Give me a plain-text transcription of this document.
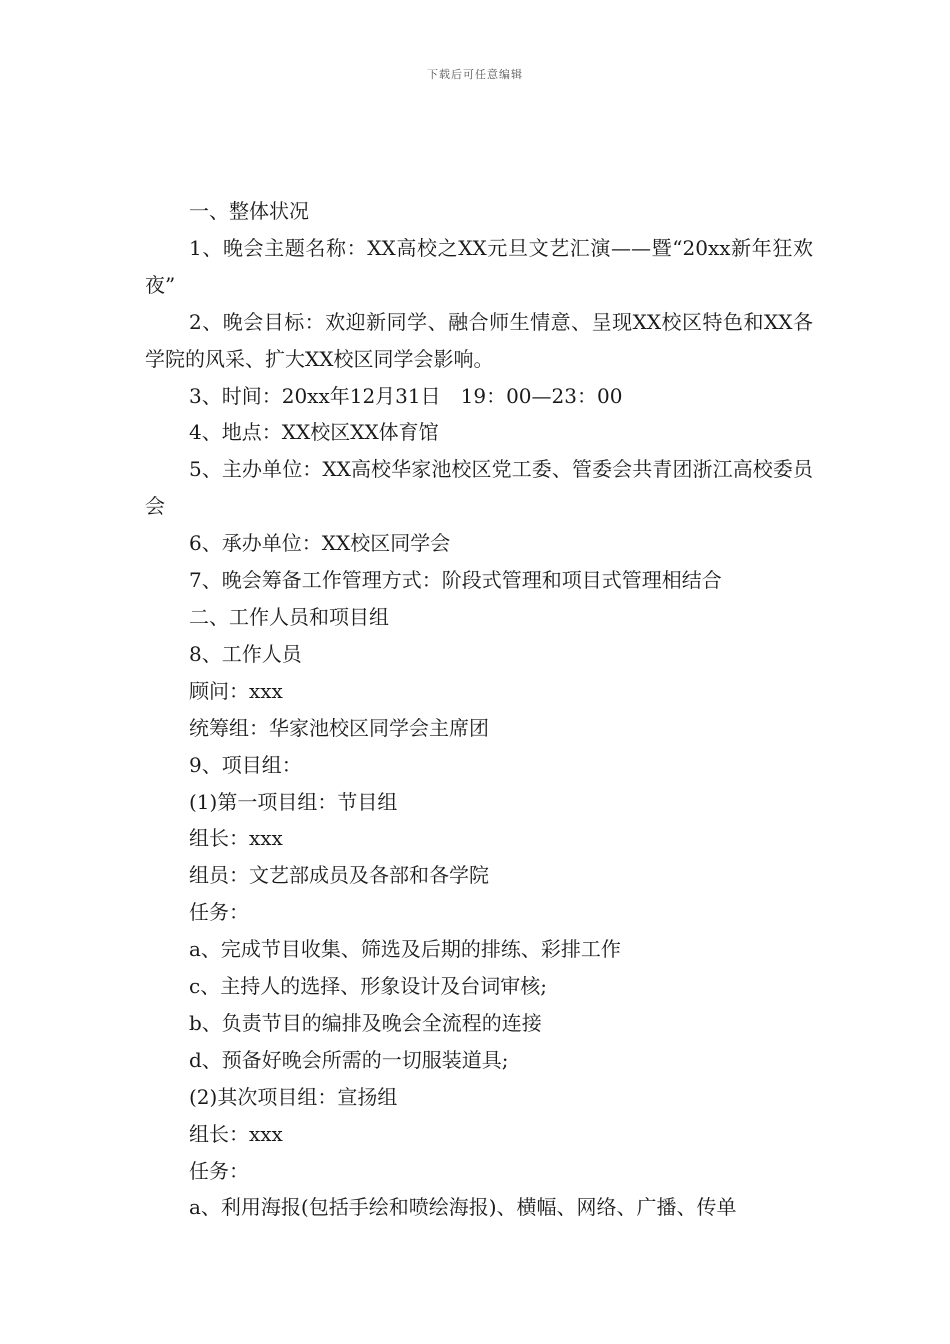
下载后可任意编辑

一、整体状况

1、晚会主题名称：XX高校之XX元旦文艺汇演——暨“20xx新年狂欢夜”

2、晚会目标：欢迎新同学、融合师生情意、呈现XX校区特色和XX各学院的风采、扩大XX校区同学会影响。

3、时间：20xx年12月31日　19：00—23：00

4、地点：XX校区XX体育馆

5、主办单位：XX高校华家池校区党工委、管委会共青团浙江高校委员会

6、承办单位：XX校区同学会

7、晚会筹备工作管理方式：阶段式管理和项目式管理相结合

二、工作人员和项目组

8、工作人员

顾问：xxx

统筹组：华家池校区同学会主席团

9、项目组：

(1)第一项目组：节目组

组长：xxx

组员：文艺部成员及各部和各学院

任务：

a、完成节目收集、筛选及后期的排练、彩排工作

c、主持人的选择、形象设计及台词审核;

b、负责节目的编排及晚会全流程的连接

d、预备好晚会所需的一切服装道具;

(2)其次项目组：宣扬组

组长：xxx

任务：

a、利用海报(包括手绘和喷绘海报)、横幅、网络、广播、传单
